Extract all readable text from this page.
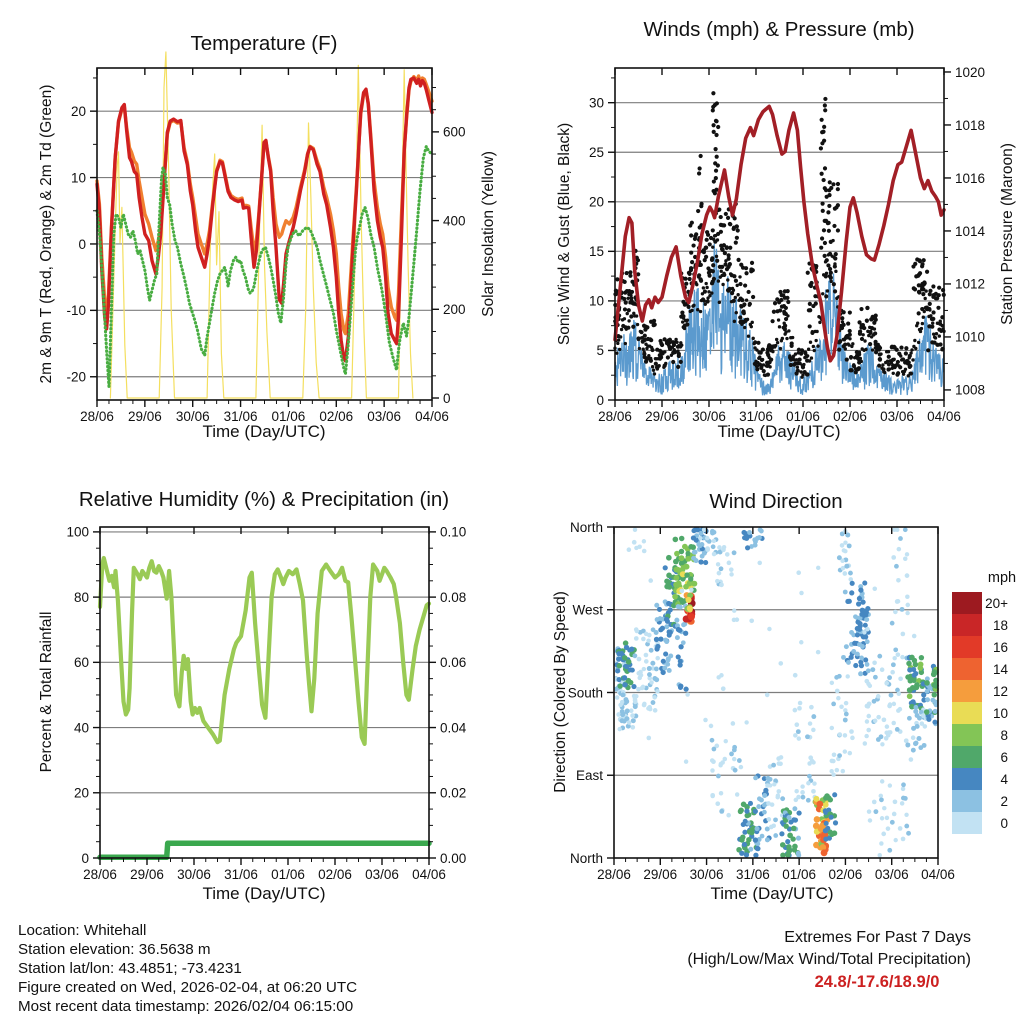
28/06 29/06 30/06 31/06 01/06 02/06 03/06 04/06
-20
-10
0
10
20
0
200
400
600
28/06 29/06 30/06 31/06 01/06 02/06 03/06 04/06
0
5
10
15
20
25
30
1008
1010
1012
1014
1016
1018
1020
28/06 29/06 30/06 31/06 01/06 02/06 03/06 04/06
0
20
40
60
80
100
0.00
0.02
0.04
0.06
0.08
0.10
28/06 29/06 30/06 31/06 01/06 02/06 03/06 04/06
North
West
South
East
North
mph
20+
18
16
14
12
10
8
6
4
2
0
Temperature (F)
Winds (mph) & Pressure (mb)
Relative Humidity (%) & Precipitation (in)	Wind Direction
Time (Day/UTC)	Time (Day/UTC)
Time (Day/UTC)	Time (Day/UTC)
2m & 9m T (Red, Orange) & 2m Td (Green)	Solar Insolation (Yellow)	Sonic Wind & Gust (Blue, Black)	Station Pressure (Maroon)
Percent & Total Rainfall	Direction (Colored By Speed)
Location: Whitehall
Station elevation: 36.5638 m
Station lat/lon: 43.4851; -73.4231
Figure created on Wed, 2026-02-04, at 06:20 UTC
Most recent data timestamp: 2026/02/04 06:15:00
Extremes For Past 7 Days
(High/Low/Max Wind/Total Precipitation)
24.8/-17.6/18.9/0
